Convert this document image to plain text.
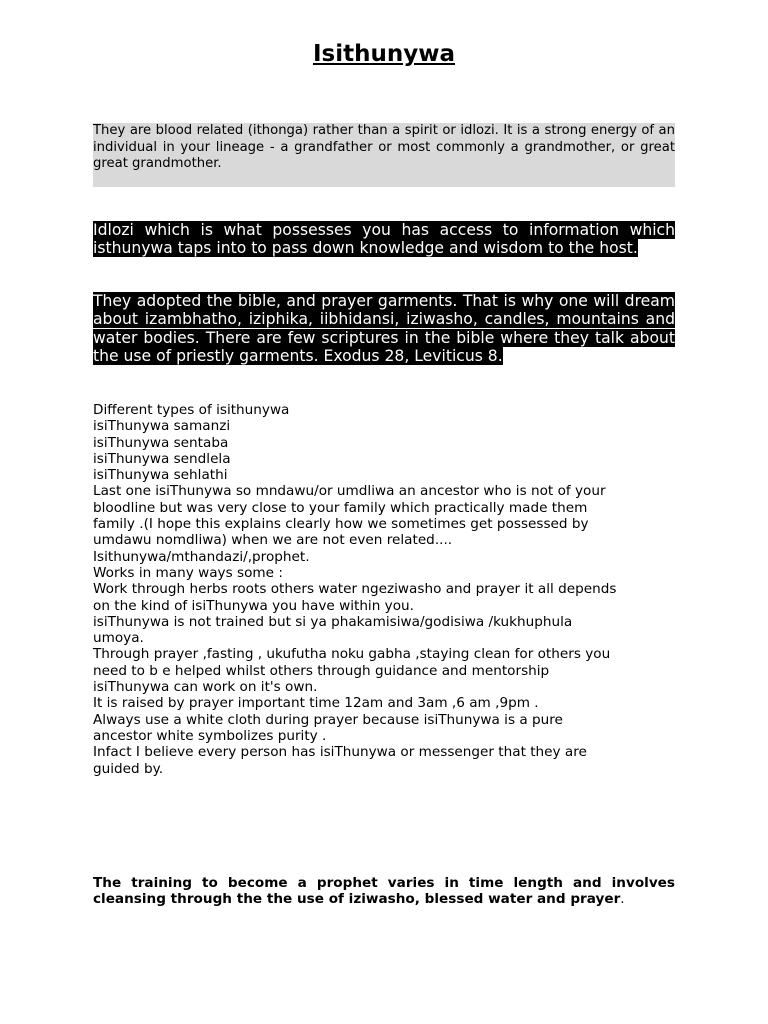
Isithunywa

They are blood related (ithonga) rather than a spirit or idlozi. It is a strong energy of an individual in your lineage - a grandfather or most commonly a grandmother, or great great grandmother.

Idlozi which is what possesses you has access to information which isthunywa taps into to pass down knowledge and wisdom to the host.

They adopted the bible, and prayer garments. That is why one will dream about izambhatho, iziphika, iibhidansi, iziwasho, candles, mountains and water bodies. There are few scriptures in the bible where they talk about the use of priestly garments. Exodus 28, Leviticus 8.

Different types of isithunywa

isiThunywa samanzi

isiThunywa sentaba

isiThunywa sendlela

isiThunywa sehlathi

Last one isiThunywa so mndawu/or umdliwa an ancestor who is not of your

bloodline but was very close to your family which practically made them

family .(I hope this explains clearly how we sometimes get possessed by

umdawu nomdliwa) when we are not even related....

Isithunywa/mthandazi/,prophet.

Works in many ways some :

Work through herbs roots others water ngeziwasho and prayer it all depends

on the kind of isiThunywa you have within you.

isiThunywa is not trained but si ya phakamisiwa/godisiwa /kukhuphula

umoya.

Through prayer ,fasting , ukufutha noku gabha ,staying clean for others you

need to b e helped whilst others through guidance and mentorship

isiThunywa can work on it's own.

It is raised by prayer important time 12am and 3am ,6 am ,9pm .

Always use a white cloth during prayer because isiThunywa is a pure

ancestor white symbolizes purity .

Infact I believe every person has isiThunywa or messenger that they are

guided by.

The training to become a prophet varies in time length and involves cleansing through the the use of iziwasho, blessed water and prayer.
